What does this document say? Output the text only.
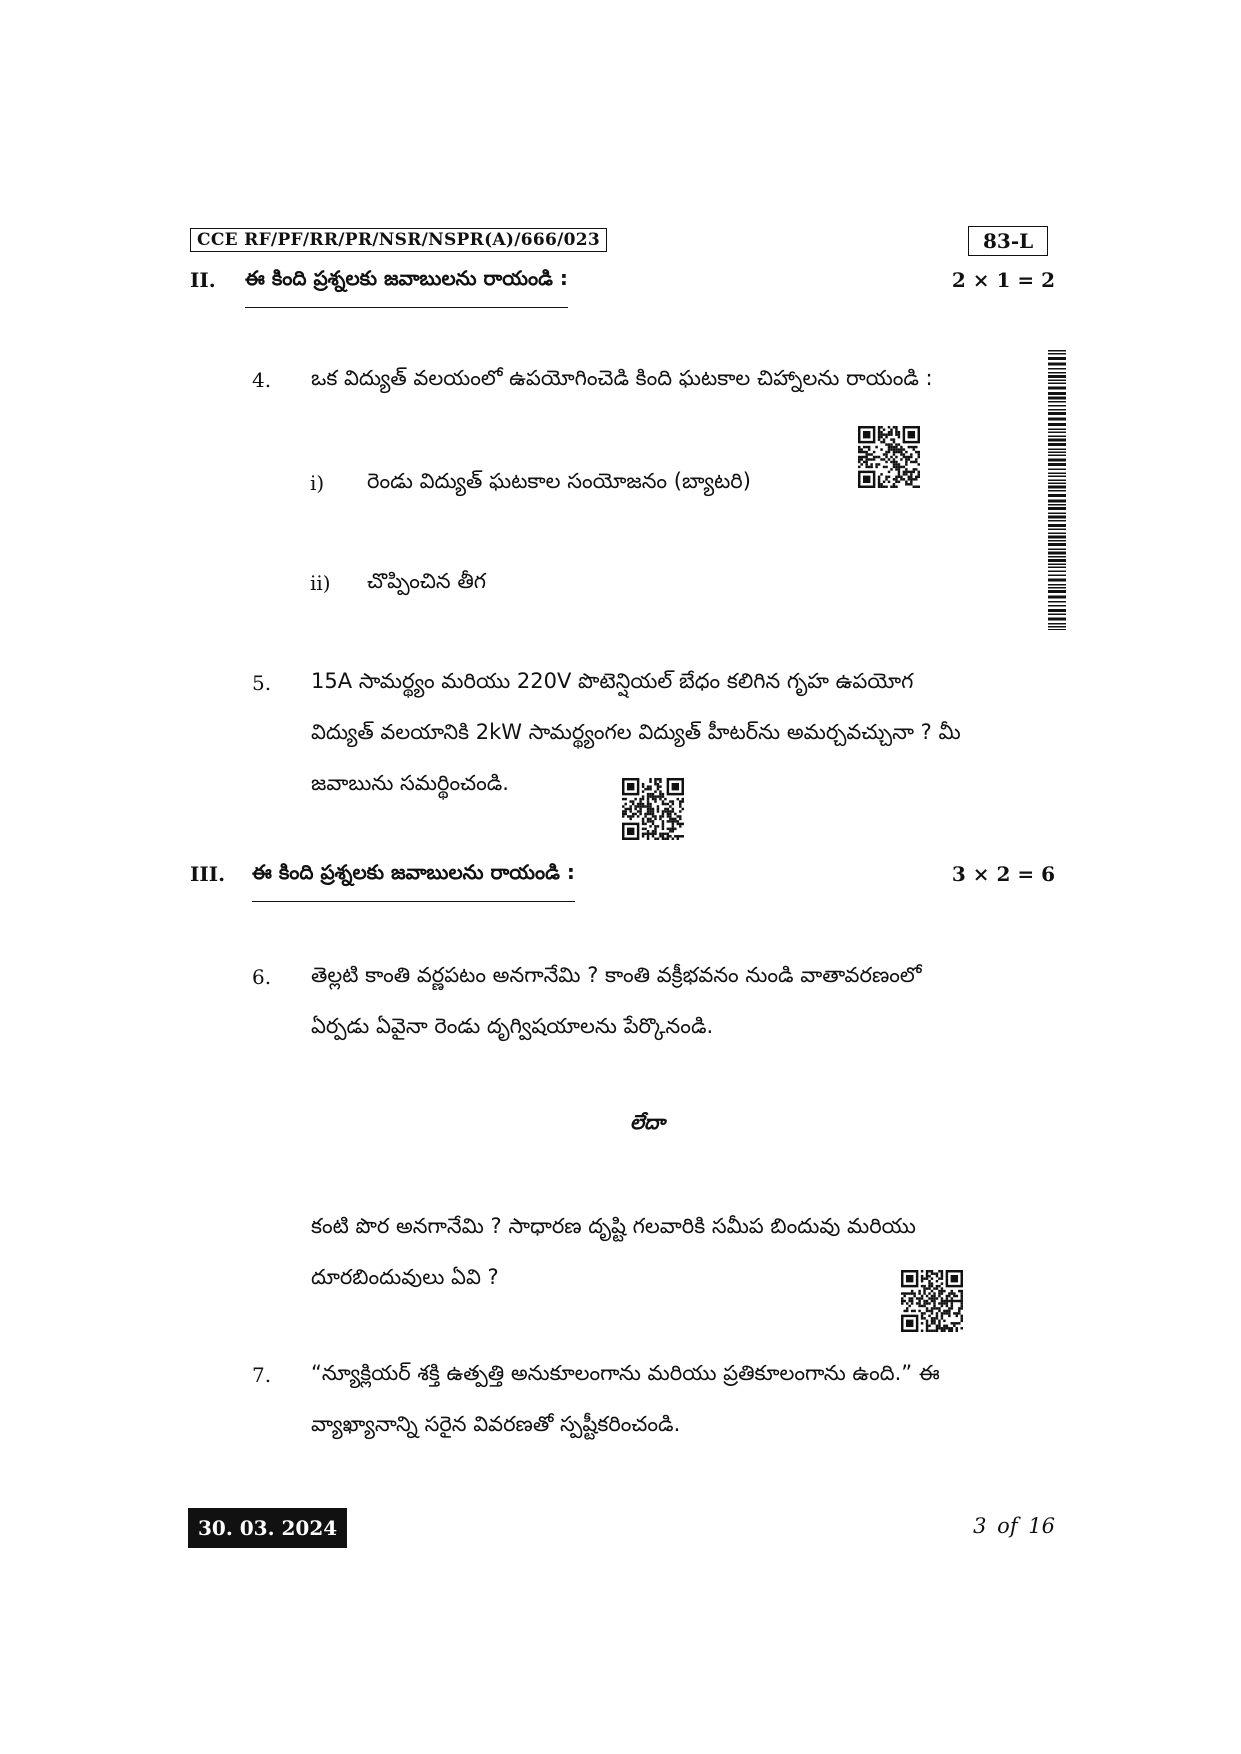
CCE RF/PF/RR/PR/NSR/NSPR(A)/666/023	83-L
II. ఈ కింది ప్రశ్నలకు జవాబులను రాయండి :	2 × 1 = 2
4. ఒక విద్యుత్ వలయంలో ఉపయోగించెడి కింది ఘటకాల చిహ్నాలను రాయండి :
i) రెండు విద్యుత్ ఘటకాల సంయోజనం (బ్యాటరి)
ii) చొప్పించిన తీగ
5. 15A సామర్థ్యం మరియు 220V పొటెన్షియల్ బేధం కలిగిన గృహ ఉపయోగ
విద్యుత్ వలయానికి 2kW సామర్థ్యంగల విద్యుత్ హీటర్‌ను అమర్చవచ్చునా ? మీ
జవాబును సమర్థించండి.
III. ఈ కింది ప్రశ్నలకు జవాబులను రాయండి :	3 × 2 = 6
6. తెల్లటి కాంతి వర్ణపటం అనగానేమి ? కాంతి వక్రీభవనం నుండి వాతావరణంలో
ఏర్పడు ఏవైనా రెండు దృగ్విషయాలను పేర్కొనండి.
లేదా
కంటి పొర అనగానేమి ? సాధారణ దృష్టి గలవారికి సమీప బిందువు మరియు
దూరబిందువులు ఏవి ?
7. “న్యూక్లియర్ శక్తి ఉత్పత్తి అనుకూలంగాను మరియు ప్రతికూలంగాను ఉంది.” ఈ
వ్యాఖ్యానాన్ని సరైన వివరణతో స్పష్టీకరించండి.
30. 03. 2024	3 of 16
